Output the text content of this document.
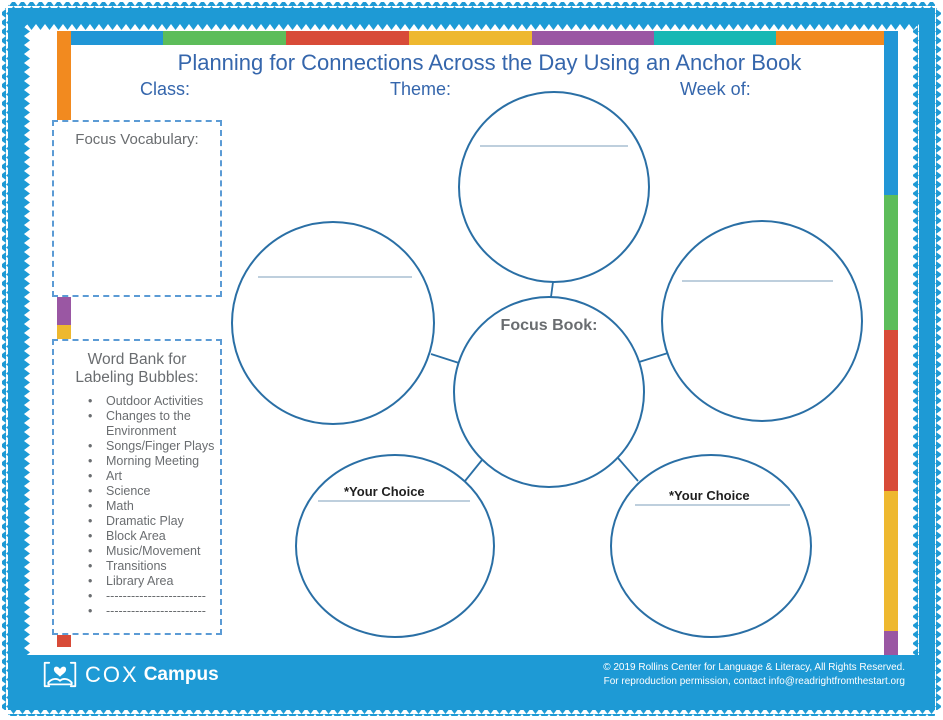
Planning for Connections Across the Day Using an Anchor Book
Class:	Theme:	Week of:
Focus Vocabulary:
Word Bank for
Labeling Bubbles:
• Outdoor Activities
• Changes to the Environment
• Songs/Finger Plays
• Morning Meeting
• Art
• Science
• Math
• Dramatic Play
• Block Area
• Music/Movement
• Transitions
• Library Area
• ------------------------
• ------------------------
Focus Book:
*Your Choice	*Your Choice
COX Campus	© 2019 Rollins Center for Language & Literacy, All Rights Reserved.
For reproduction permission, contact info@readrightfromthestart.org
